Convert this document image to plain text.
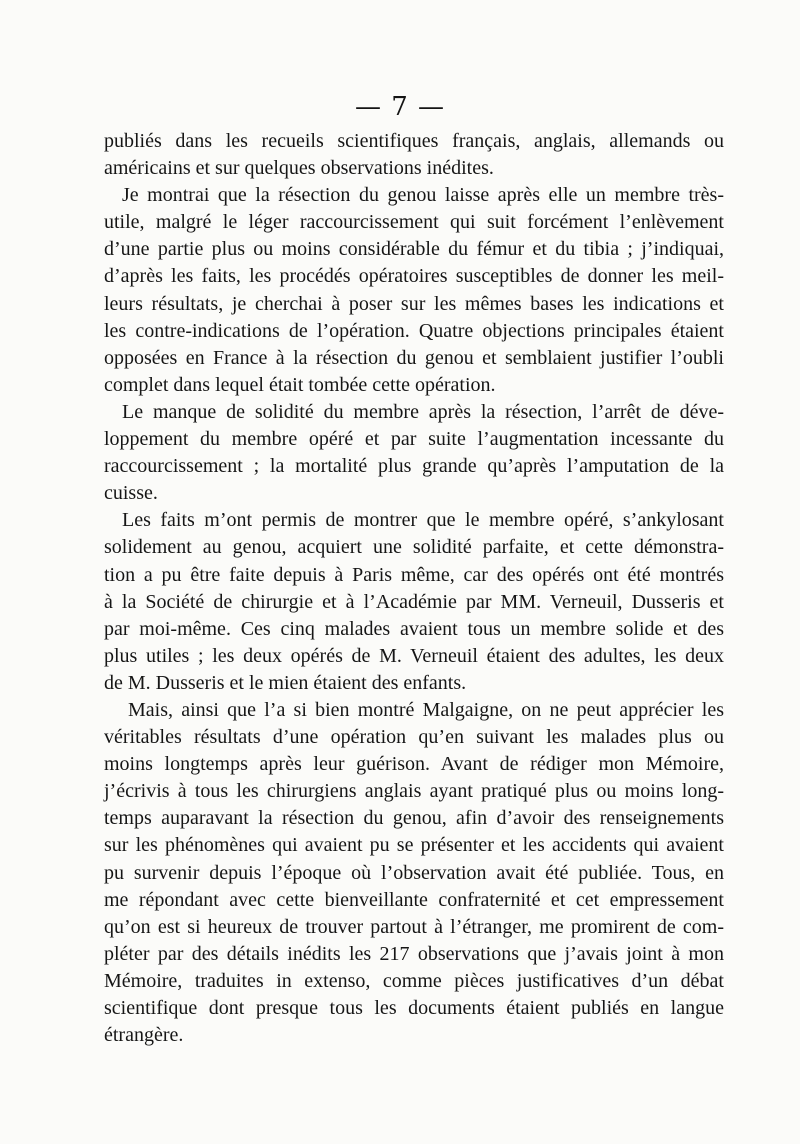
— 7 —
publiés dans les recueils scientifiques français, anglais, allemands ou
américains et sur quelques observations inédites.
Je montrai que la résection du genou laisse après elle un membre très-
utile, malgré le léger raccourcissement qui suit forcément l’enlèvement
d’une partie plus ou moins considérable du fémur et du tibia ; j’indiquai,
d’après les faits, les procédés opératoires susceptibles de donner les meil-
leurs résultats, je cherchai à poser sur les mêmes bases les indications et
les contre-indications de l’opération. Quatre objections principales étaient
opposées en France à la résection du genou et semblaient justifier l’oubli
complet dans lequel était tombée cette opération.
Le manque de solidité du membre après la résection, l’arrêt de déve-
loppement du membre opéré et par suite l’augmentation incessante du
raccourcissement ; la mortalité plus grande qu’après l’amputation de la
cuisse.
Les faits m’ont permis de montrer que le membre opéré, s’ankylosant
solidement au genou, acquiert une solidité parfaite, et cette démonstra-
tion a pu être faite depuis à Paris même, car des opérés ont été montrés
à la Société de chirurgie et à l’Académie par MM. Verneuil, Dusseris et
par moi-même. Ces cinq malades avaient tous un membre solide et des
plus utiles ; les deux opérés de M. Verneuil étaient des adultes, les deux
de M. Dusseris et le mien étaient des enfants.
Mais, ainsi que l’a si bien montré Malgaigne, on ne peut apprécier les
véritables résultats d’une opération qu’en suivant les malades plus ou
moins longtemps après leur guérison. Avant de rédiger mon Mémoire,
j’écrivis à tous les chirurgiens anglais ayant pratiqué plus ou moins long-
temps auparavant la résection du genou, afin d’avoir des renseignements
sur les phénomènes qui avaient pu se présenter et les accidents qui avaient
pu survenir depuis l’époque où l’observation avait été publiée. Tous, en
me répondant avec cette bienveillante confraternité et cet empressement
qu’on est si heureux de trouver partout à l’étranger, me promirent de com-
pléter par des détails inédits les 217 observations que j’avais joint à mon
Mémoire, traduites in extenso, comme pièces justificatives d’un débat
scientifique dont presque tous les documents étaient publiés en langue
étrangère.
